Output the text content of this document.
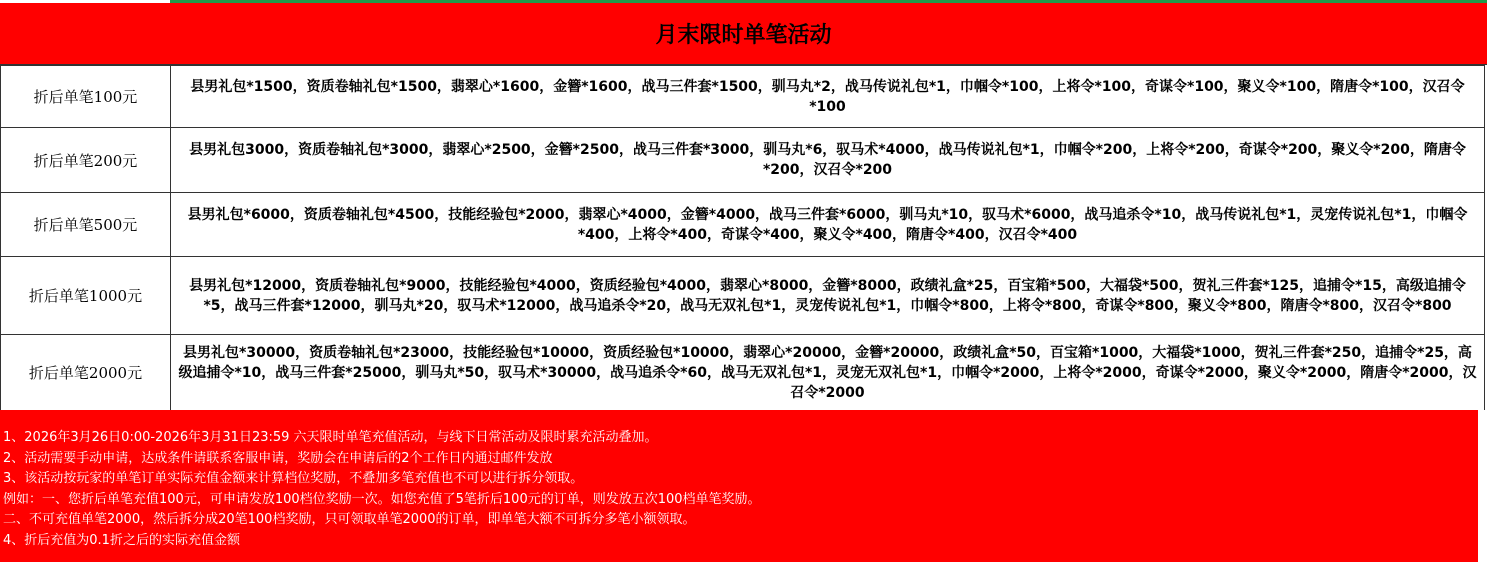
月末限时单笔活动
折后单笔100元	县男礼包*1500，资质卷轴礼包*1500，翡翠心*1600，金簪*1600，战马三件套*1500，驯马丸*2，战马传说礼包*1，巾帼令*100，上将令*100，奇谋令*100，聚义令*100，隋唐令*100，汉召令*100
折后单笔200元	县男礼包3000，资质卷轴礼包*3000，翡翠心*2500，金簪*2500，战马三件套*3000，驯马丸*6，驭马术*4000，战马传说礼包*1，巾帼令*200，上将令*200，奇谋令*200，聚义令*200，隋唐令*200，汉召令*200
折后单笔500元	县男礼包*6000，资质卷轴礼包*4500，技能经验包*2000，翡翠心*4000，金簪*4000，战马三件套*6000，驯马丸*10，驭马术*6000，战马追杀令*10，战马传说礼包*1，灵宠传说礼包*1，巾帼令*400，上将令*400，奇谋令*400，聚义令*400，隋唐令*400，汉召令*400
折后单笔1000元	县男礼包*12000，资质卷轴礼包*9000，技能经验包*4000，资质经验包*4000，翡翠心*8000，金簪*8000，政绩礼盒*25，百宝箱*500，大福袋*500，贺礼三件套*125，追捕令*15，高级追捕令*5，战马三件套*12000，驯马丸*20，驭马术*12000，战马追杀令*20，战马无双礼包*1，灵宠传说礼包*1，巾帼令*800，上将令*800，奇谋令*800，聚义令*800，隋唐令*800，汉召令*800
折后单笔2000元	县男礼包*30000，资质卷轴礼包*23000，技能经验包*10000，资质经验包*10000，翡翠心*20000，金簪*20000，政绩礼盒*50，百宝箱*1000，大福袋*1000，贺礼三件套*250，追捕令*25，高级追捕令*10，战马三件套*25000，驯马丸*50，驭马术*30000，战马追杀令*60，战马无双礼包*1，灵宠无双礼包*1，巾帼令*2000，上将令*2000，奇谋令*2000，聚义令*2000，隋唐令*2000，汉召令*2000
1、2026年3月26日0:00-2026年3月31日23:59 六天限时单笔充值活动，与线下日常活动及限时累充活动叠加。
2、活动需要手动申请，达成条件请联系客服申请，奖励会在申请后的2个工作日内通过邮件发放
3、该活动按玩家的单笔订单实际充值金额来计算档位奖励，不叠加多笔充值也不可以进行拆分领取。
例如：一、您折后单笔充值100元，可申请发放100档位奖励一次。如您充值了5笔折后100元的订单，则发放五次100档单笔奖励。
二、不可充值单笔2000，然后拆分成20笔100档奖励，只可领取单笔2000的订单，即单笔大额不可拆分多笔小额领取。
4、折后充值为0.1折之后的实际充值金额
